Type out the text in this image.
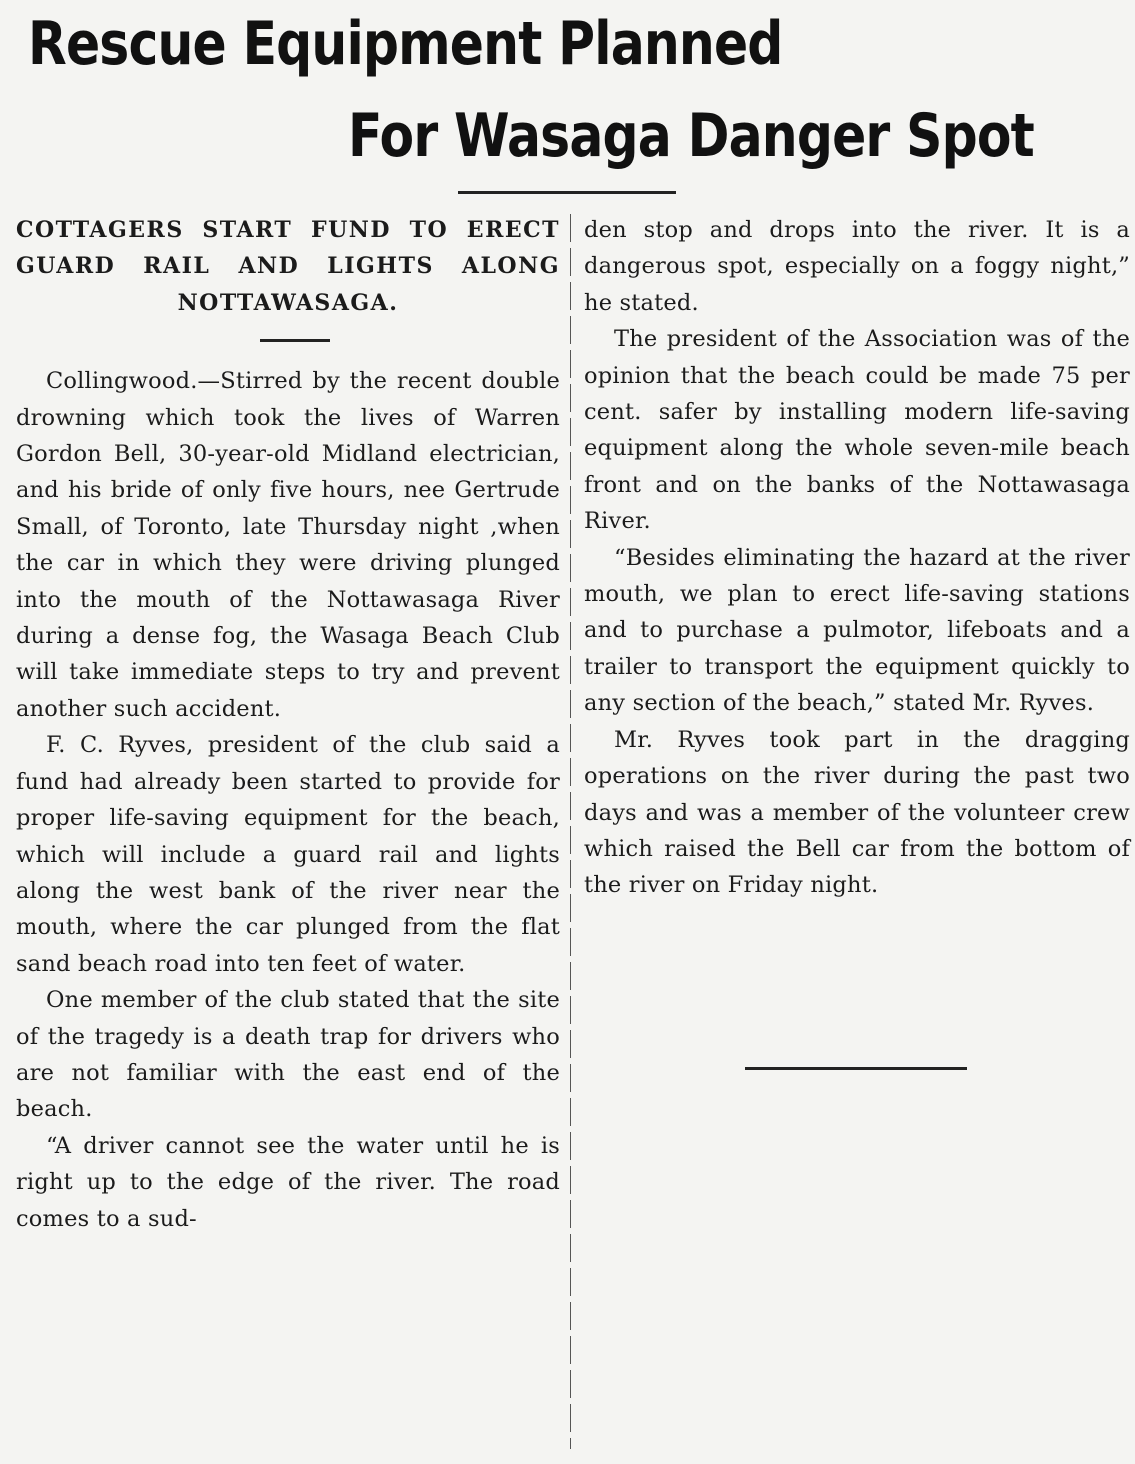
Rescue Equipment Planned
For Wasaga Danger Spot

COTTAGERS START FUND TO ERECT GUARD RAIL AND LIGHTS ALONG NOTTAWASAGA.

Collingwood.—Stirred by the recent double drowning which took the lives of Warren Gordon Bell, 30-year-old Midland electrician, and his bride of only five hours, nee Gertrude Small, of Toronto, late Thursday night ,when the car in which they were driving plunged into the mouth of the Nottawasaga River during a dense fog, the Wasaga Beach Club will take immediate steps to try and prevent another such accident.

F. C. Ryves, president of the club said a fund had already been started to provide for proper life-saving equipment for the beach, which will include a guard rail and lights along the west bank of the river near the mouth, where the car plunged from the flat sand beach road into ten feet of water.

One member of the club stated that the site of the tragedy is a death trap for drivers who are not familiar with the east end of the beach.

“A driver cannot see the water until he is right up to the edge of the river. The road comes to a sud-

den stop and drops into the river. It is a dangerous spot, especially on a foggy night,” he stated.

The president of the Association was of the opinion that the beach could be made 75 per cent. safer by installing modern life-saving equipment along the whole seven-mile beach front and on the banks of the Nottawasaga River.

“Besides eliminating the hazard at the river mouth, we plan to erect life-saving stations and to purchase a pulmotor, lifeboats and a trailer to transport the equipment quickly to any section of the beach,” stated Mr. Ryves.

Mr. Ryves took part in the dragging operations on the river during the past two days and was a member of the volunteer crew which raised the Bell car from the bottom of the river on Friday night.
